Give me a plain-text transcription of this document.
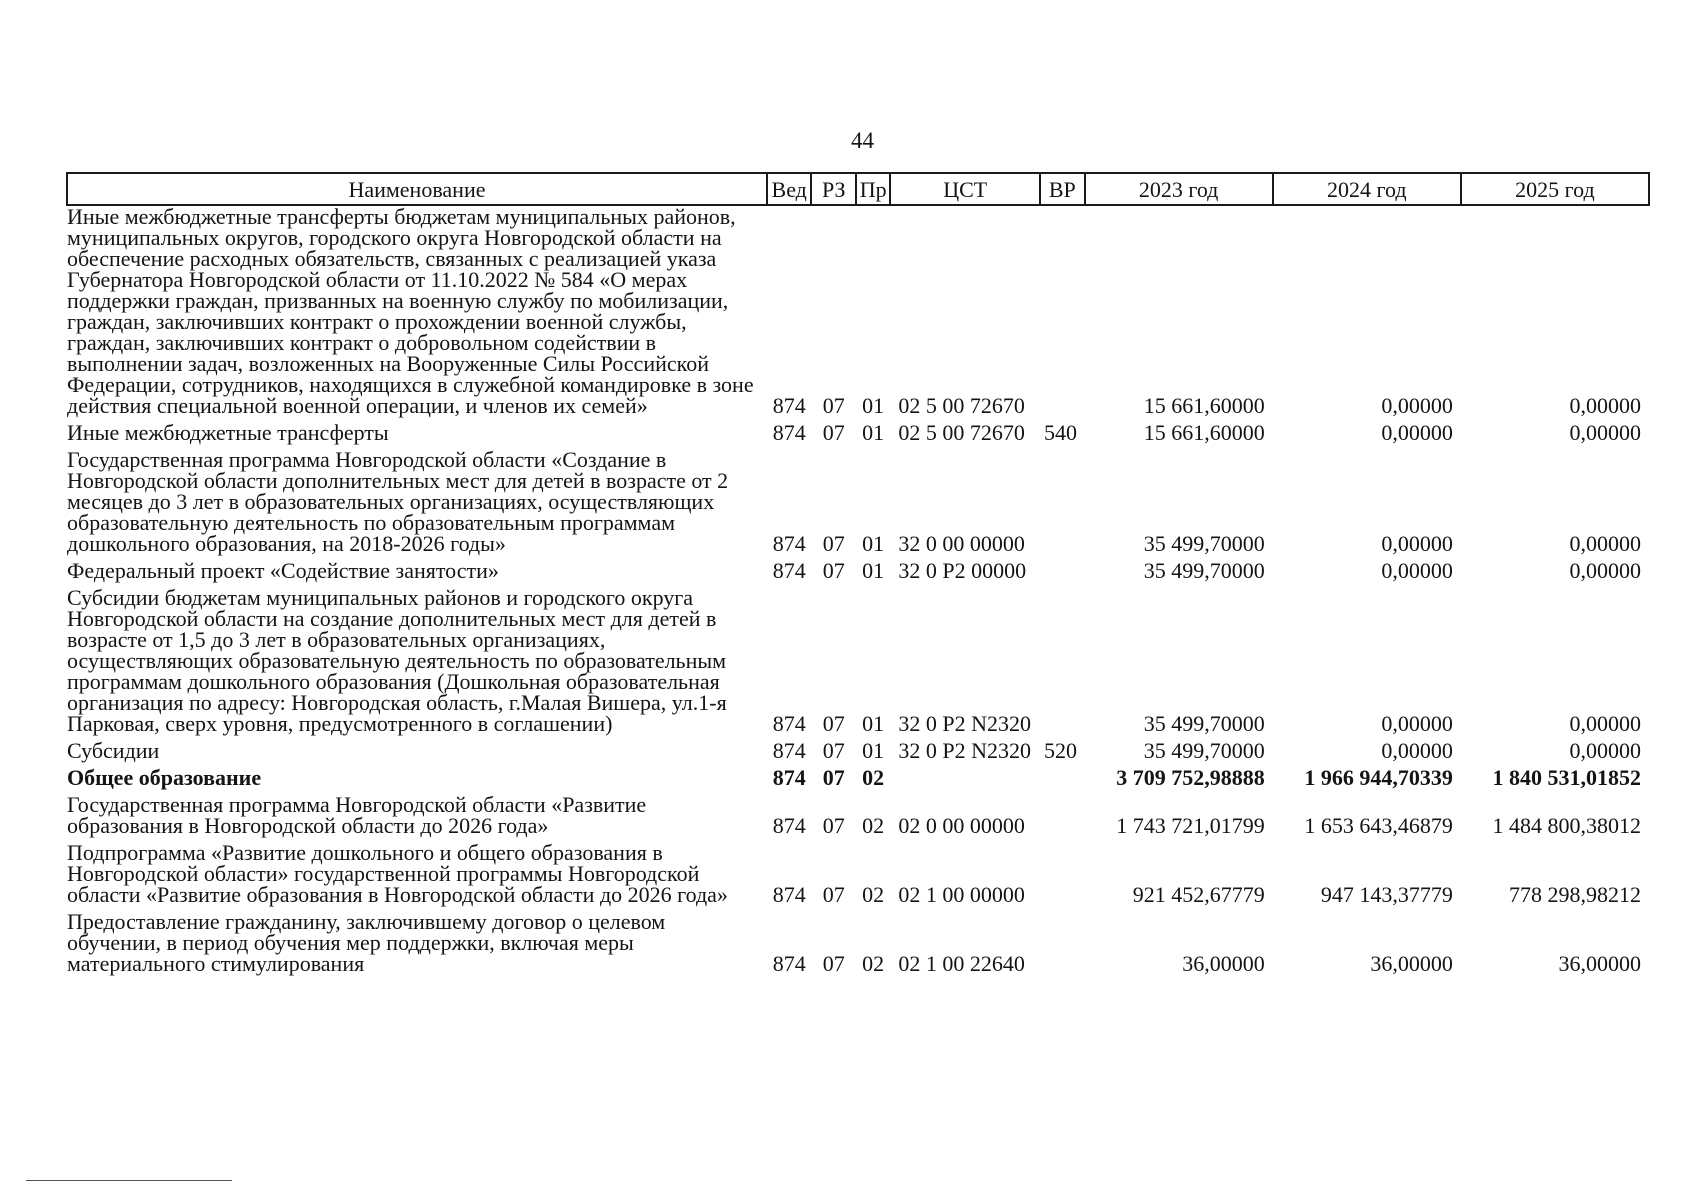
44
Наименование	Вед	РЗ	Пр	ЦСТ	ВР	2023 год	2024 год	2025 год
Иные межбюджетные трансферты бюджетам муниципальных районов, муниципальных округов, городского округа Новгородской области на обеспечение расходных обязательств, связанных с реализацией указа Губернатора Новгородской области от 11.10.2022 № 584 «О мерах поддержки граждан, призванных на военную службу по мобилизации, граждан, заключивших контракт о прохождении военной службы, граждан, заключивших контракт о добровольном содействии в выполнении задач, возложенных на Вооруженные Силы Российской Федерации, сотрудников, находящихся в служебной командировке в зоне действия специальной военной операции, и членов их семей»	874	07	01	02 5 00 72670		15 661,60000	0,00000	0,00000
Иные межбюджетные трансферты	874	07	01	02 5 00 72670	540	15 661,60000	0,00000	0,00000
Государственная программа Новгородской области «Создание в Новгородской области дополнительных мест для детей в возрасте от 2 месяцев до 3 лет в образовательных организациях, осуществляющих образовательную деятельность по образовательным программам дошкольного образования, на 2018-2026 годы»	874	07	01	32 0 00 00000		35 499,70000	0,00000	0,00000
Федеральный проект «Содействие занятости»	874	07	01	32 0 P2 00000		35 499,70000	0,00000	0,00000
Субсидии бюджетам муниципальных районов и городского округа Новгородской области на создание дополнительных мест для детей в возрасте от 1,5 до 3 лет в образовательных организациях, осуществляющих образовательную деятельность по образовательным программам дошкольного образования (Дошкольная образовательная организация по адресу: Новгородская область, г.Малая Вишера, ул.1-я Парковая, сверх уровня, предусмотренного в соглашении)	874	07	01	32 0 P2 N2320		35 499,70000	0,00000	0,00000
Субсидии	874	07	01	32 0 P2 N2320	520	35 499,70000	0,00000	0,00000
Общее образование	874	07	02			3 709 752,98888	1 966 944,70339	1 840 531,01852
Государственная программа Новгородской области «Развитие образования в Новгородской области до 2026 года»	874	07	02	02 0 00 00000		1 743 721,01799	1 653 643,46879	1 484 800,38012
Подпрограмма «Развитие дошкольного и общего образования в Новгородской области» государственной программы Новгородской области «Развитие образования в Новгородской области до 2026 года»	874	07	02	02 1 00 00000		921 452,67779	947 143,37779	778 298,98212
Предоставление гражданину, заключившему договор о целевом обучении, в период обучения мер поддержки, включая меры материального стимулирования	874	07	02	02 1 00 22640		36,00000	36,00000	36,00000
